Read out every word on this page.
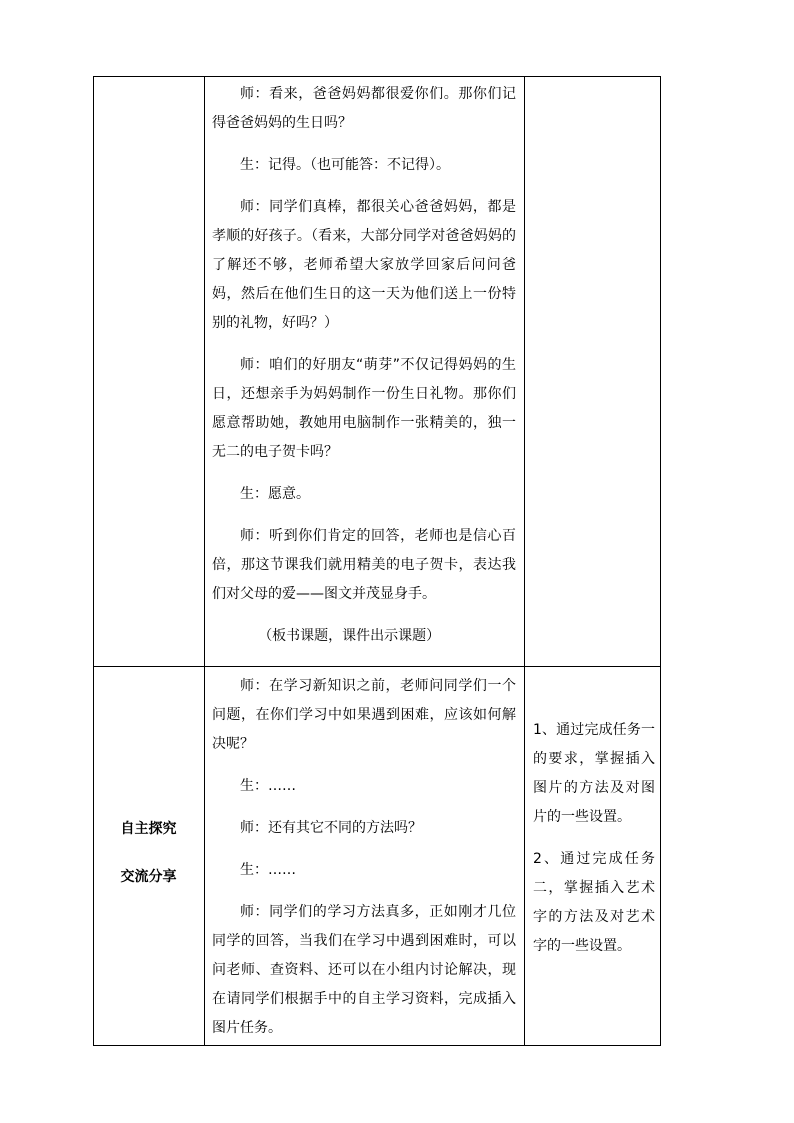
师：看来，爸爸妈妈都很爱你们。那你们记得爸爸妈妈的生日吗？

生：记得。（也可能答：不记得）。

师：同学们真棒，都很关心爸爸妈妈，都是孝顺的好孩子。（看来，大部分同学对爸爸妈妈的了解还不够，老师希望大家放学回家后问问爸妈，然后在他们生日的这一天为他们送上一份特别的礼物，好吗？）

师：咱们的好朋友“萌芽”不仅记得妈妈的生日，还想亲手为妈妈制作一份生日礼物。那你们愿意帮助她，教她用电脑制作一张精美的，独一无二的电子贺卡吗？

生：愿意。

师：听到你们肯定的回答，老师也是信心百倍，那这节课我们就用精美的电子贺卡，表达我们对父母的爱——图文并茂显身手。

（板书课题，课件出示课题）

自主探究
交流分享

师：在学习新知识之前，老师问同学们一个问题，在你们学习中如果遇到困难，应该如何解决呢？

生：……

师：还有其它不同的方法吗？

生：……

师：同学们的学习方法真多，正如刚才几位同学的回答，当我们在学习中遇到困难时，可以问老师、查资料、还可以在小组内讨论解决，现在请同学们根据手中的自主学习资料，完成插入图片任务。

1、通过完成任务一的要求，掌握插入图片的方法及对图片的一些设置。

2、通过完成任务二，掌握插入艺术字的方法及对艺术字的一些设置。
